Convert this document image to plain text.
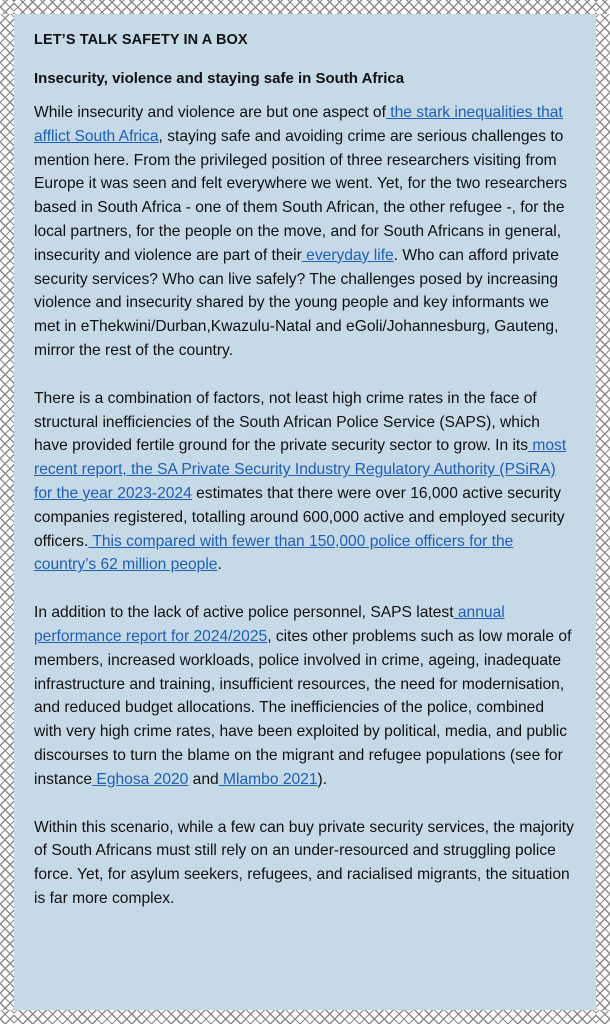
LET’S TALK SAFETY IN A BOX
Insecurity, violence and staying safe in South Africa

While insecurity and violence are but one aspect of the stark inequalities that afflict South Africa, staying safe and avoiding crime are serious challenges to mention here. From the privileged position of three researchers visiting from Europe it was seen and felt everywhere we went. Yet, for the two researchers based in South Africa - one of them South African, the other refugee -, for the local partners, for the people on the move, and for South Africans in general, insecurity and violence are part of their everyday life. Who can afford private security services? Who can live safely? The challenges posed by increasing violence and insecurity shared by the young people and key informants we met in eThekwini/Durban,Kwazulu-Natal and eGoli/Johannesburg, Gauteng, mirror the rest of the country.

There is a combination of factors, not least high crime rates in the face of structural inefficiencies of the South African Police Service (SAPS), which have provided fertile ground for the private security sector to grow. In its most recent report, the SA Private Security Industry Regulatory Authority (PSiRA) for the year 2023-2024 estimates that there were over 16,000 active security companies registered, totalling around 600,000 active and employed security officers. This compared with fewer than 150,000 police officers for the country’s 62 million people.

In addition to the lack of active police personnel, SAPS latest annual performance report for 2024/2025, cites other problems such as low morale of members, increased workloads, police involved in crime, ageing, inadequate infrastructure and training, insufficient resources, the need for modernisation, and reduced budget allocations. The inefficiencies of the police, combined with very high crime rates, have been exploited by political, media, and public discourses to turn the blame on the migrant and refugee populations (see for instance Eghosa 2020 and Mlambo 2021).

Within this scenario, while a few can buy private security services, the majority of South Africans must still rely on an under-resourced and struggling police force. Yet, for asylum seekers, refugees, and racialised migrants, the situation is far more complex.
